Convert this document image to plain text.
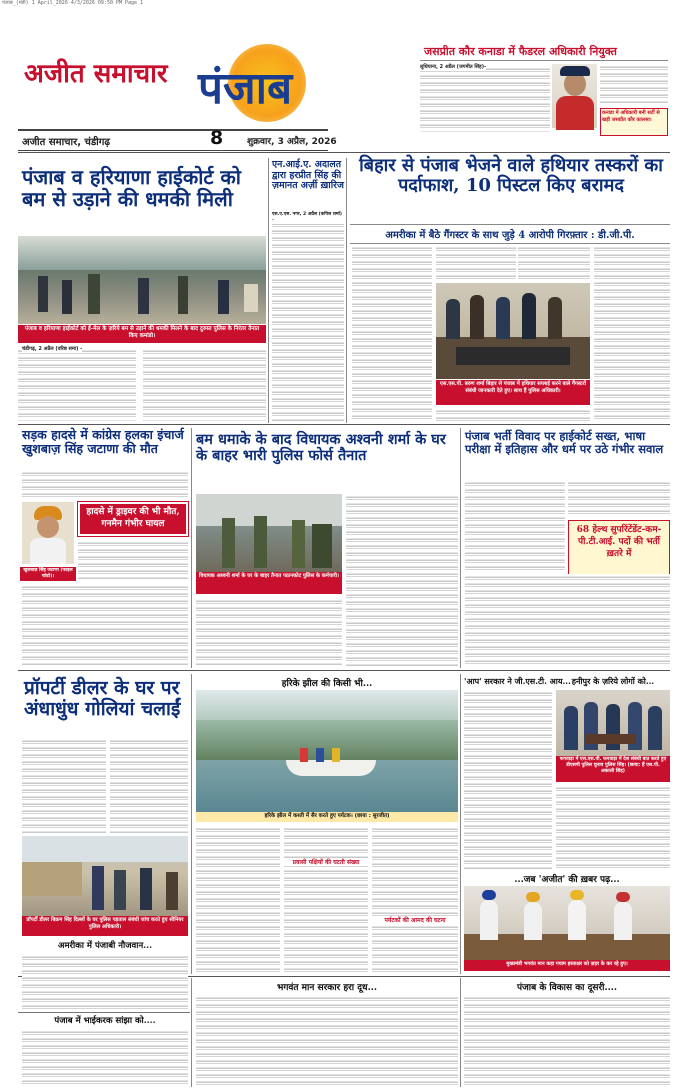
पंजाब_(मंडी) 1 April_2026 4/3/2026 09:50 PM Page 1
अजीत समाचार पंजाब
अजीत समाचार, चंडीगढ़	8	शुक्रवार, 3 अप्रैल, 2026
जसप्रीत कौर कनाडा में फैडरल अधिकारी नियुक्त
लुधियाना, 2 अप्रैल (जगमीत सिंह)-
कनाडा में अधिकारी बनी सर्टी से खड़ी जसप्रीत कौर कालसा।
पंजाब व हरियाणा हाईकोर्ट को बम से उड़ाने की धमकी मिली
पंजाब व हरियाणा हाईकोर्ट को ई-मेल के ज़रिये बम से उड़ाने की धमकी मिलने के बाद दुरुस्त पुलिस के निरंतर तैनात किए कमांडो।
चंडीगढ़, 2 अप्रैल (वरिष्ठ समा) -
एन.आई.ए. अदालत द्वारा हरप्रीत सिंह की ज़मानत अर्ज़ी ख़ारिज
एस.ए.एस. नगर, 2 अप्रैल (कपिल शर्मा) -
बिहार से पंजाब भेजने वाले हथियार तस्करों का पर्दाफाश, 10 पिस्टल किए बरामद
अमरीका में बैठे गैंगस्टर के साथ जुड़े 4 आरोपी गिरफ़्तार : डी.जी.पी.
एस.एस.पी. बरुण शर्मा बिहार से पंजाब में हथियार सप्लाई करने वाले गैंगस्टरों संबंधी जानकारी देते हुए। साथ हैं पुलिस अधिकारी।
सड़क हादसे में कांग्रेस हलका इंचार्ज खुशबाज़ सिंह जटाणा की मौत
हादसे में ड्राइवर की भी मौत, गनमैन गंभीर घायल
खुशबाज़ सिंह जटाणा (फाइल फोटो)।
बम धमाके के बाद विधायक अश्वनी शर्मा के घर के बाहर भारी पुलिस फोर्स तैनात
विधायक अश्वनी शर्मा के घर के बाहर तैनात पठानकोट पुलिस के कर्मचारी।
पंजाब भर्ती विवाद पर हाईकोर्ट सख्त, भाषा परीक्षा में इतिहास और धर्म पर उठे गंभीर सवाल
68 हेल्थ सुपरिंटेंडेंट-कम-पी.टी.आई. पदों की भर्ती ख़तरे में
प्रॉपर्टी डीलर के घर पर अंधाधुंध गोलियां चलाईं
प्रॉपर्टी डीलर बिक्रम सिंह दिल्लों के घर पुलिस पड़ताल संबंधी जांच करते हुए सीनियर पुलिस अधिकारी।
हरिके झील की किसी भी...
हरिके झील में कश्ती में सैर करते हुए पर्यटक। (छाया : सुरजीत)
प्रवासी पक्षियों की घटती संख्या
पर्यटकों की आमद की घटना
'आप' सरकार ने जी.एस.टी. आय... हनीपुर के ज़रिये लोगों को...
फगवाड़ा में एस.एस.पी. फगवाड़ा में देश संबंधी बात करते हुए डीएसपी पुलिस चुनाव पुलिस सिंह। (छाया: हैं एस.पी. अकाली सिंह)
...जब 'अजीत' की ख़बर पढ़...
मुख्यमंत्री भगवंत मान कहा गयाम हस्ताक्षर को ज़हर के कर रहे हुए।
अमरीका में पंजाबी नौजवान...
भगवंत मान सरकार हरा दूध...	पंजाब के विकास का दूसरी....
पंजाब में भाईकरक सांझा को....
